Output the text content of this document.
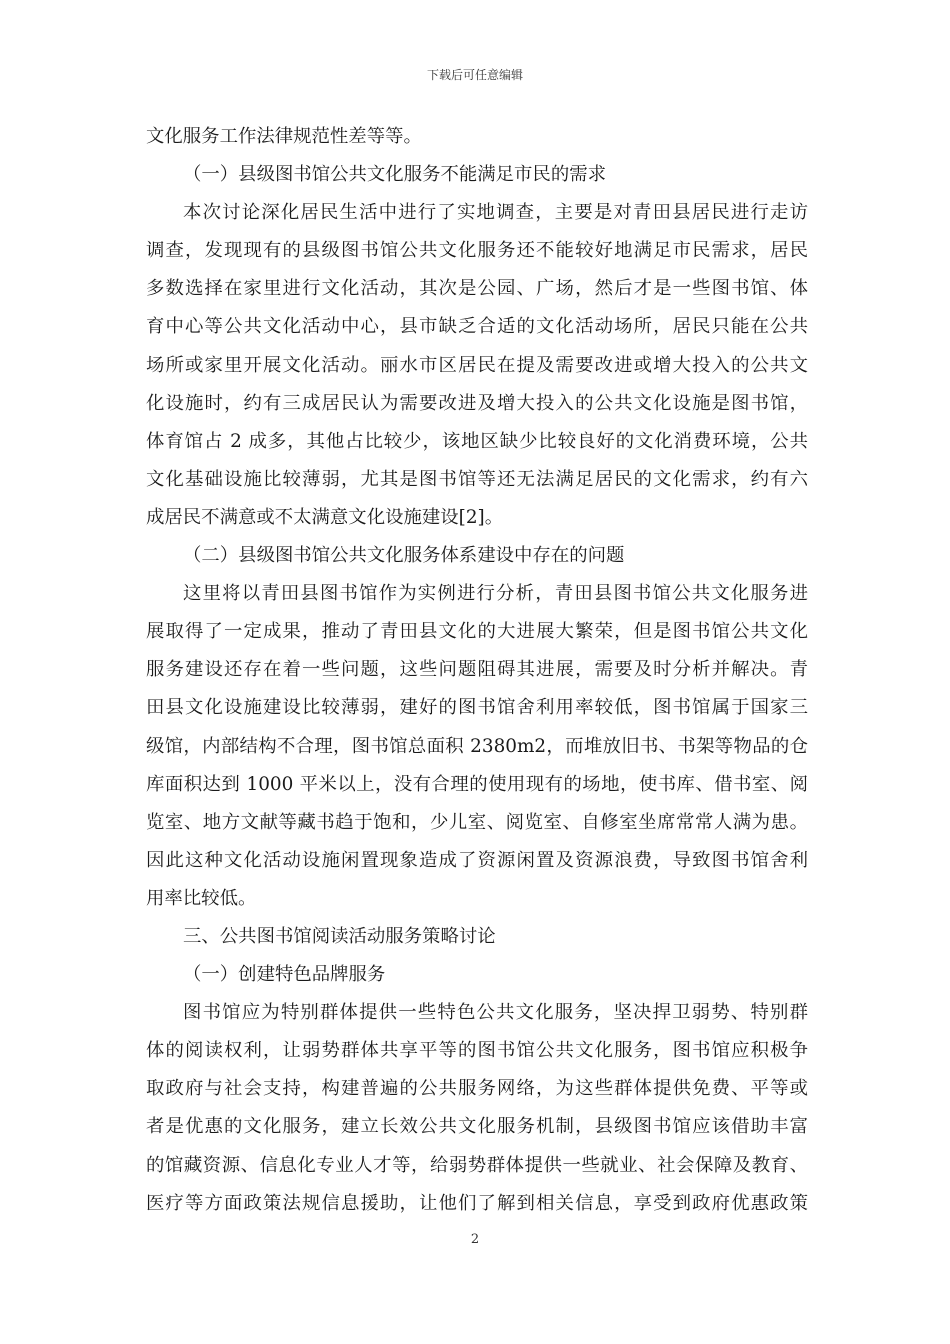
下载后可任意编辑
文化服务工作法律规范性差等等。
（一）县级图书馆公共文化服务不能满足市民的需求
本次讨论深化居民生活中进行了实地调查，主要是对青田县居民进行走访
调查，发现现有的县级图书馆公共文化服务还不能较好地满足市民需求，居民
多数选择在家里进行文化活动，其次是公园、广场，然后才是一些图书馆、体
育中心等公共文化活动中心，县市缺乏合适的文化活动场所，居民只能在公共
场所或家里开展文化活动。丽水市区居民在提及需要改进或增大投入的公共文
化设施时，约有三成居民认为需要改进及增大投入的公共文化设施是图书馆，
体育馆占 2 成多，其他占比较少，该地区缺少比较良好的文化消费环境，公共
文化基础设施比较薄弱，尤其是图书馆等还无法满足居民的文化需求，约有六
成居民不满意或不太满意文化设施建设[2]。
（二）县级图书馆公共文化服务体系建设中存在的问题
这里将以青田县图书馆作为实例进行分析，青田县图书馆公共文化服务进
展取得了一定成果，推动了青田县文化的大进展大繁荣，但是图书馆公共文化
服务建设还存在着一些问题，这些问题阻碍其进展，需要及时分析并解决。青
田县文化设施建设比较薄弱，建好的图书馆舍利用率较低，图书馆属于国家三
级馆，内部结构不合理，图书馆总面积 2380m2，而堆放旧书、书架等物品的仓
库面积达到 1000 平米以上，没有合理的使用现有的场地，使书库、借书室、阅
览室、地方文献等藏书趋于饱和，少儿室、阅览室、自修室坐席常常人满为患。
因此这种文化活动设施闲置现象造成了资源闲置及资源浪费，导致图书馆舍利
用率比较低。
三、公共图书馆阅读活动服务策略讨论
（一）创建特色品牌服务
图书馆应为特别群体提供一些特色公共文化服务，坚决捍卫弱势、特别群
体的阅读权利，让弱势群体共享平等的图书馆公共文化服务，图书馆应积极争
取政府与社会支持，构建普遍的公共服务网络，为这些群体提供免费、平等或
者是优惠的文化服务，建立长效公共文化服务机制，县级图书馆应该借助丰富
的馆藏资源、信息化专业人才等，给弱势群体提供一些就业、社会保障及教育、
医疗等方面政策法规信息援助，让他们了解到相关信息，享受到政府优惠政策
2
